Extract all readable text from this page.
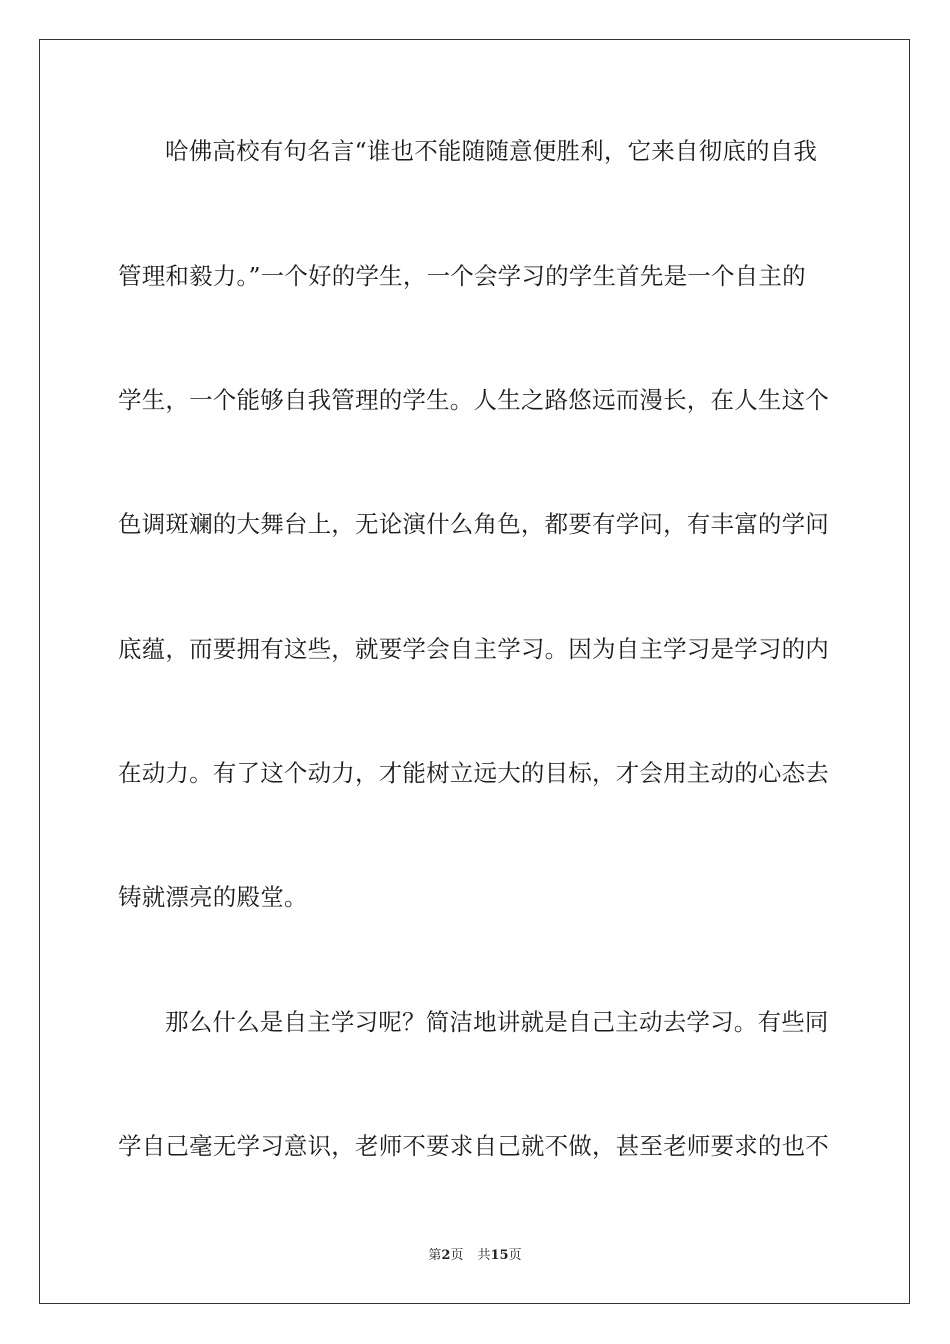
哈佛高校有句名言“谁也不能随随意便胜利，它来自彻底的自我
管理和毅力。”一个好的学生，一个会学习的学生首先是一个自主的
学生，一个能够自我管理的学生。人生之路悠远而漫长，在人生这个
色调斑斓的大舞台上，无论演什么角色，都要有学问，有丰富的学问
底蕴，而要拥有这些，就要学会自主学习。因为自主学习是学习的内
在动力。有了这个动力，才能树立远大的目标，才会用主动的心态去
铸就漂亮的殿堂。
那么什么是自主学习呢？简洁地讲就是自己主动去学习。有些同
学自己毫无学习意识，老师不要求自己就不做，甚至老师要求的也不
第2页 共15页
